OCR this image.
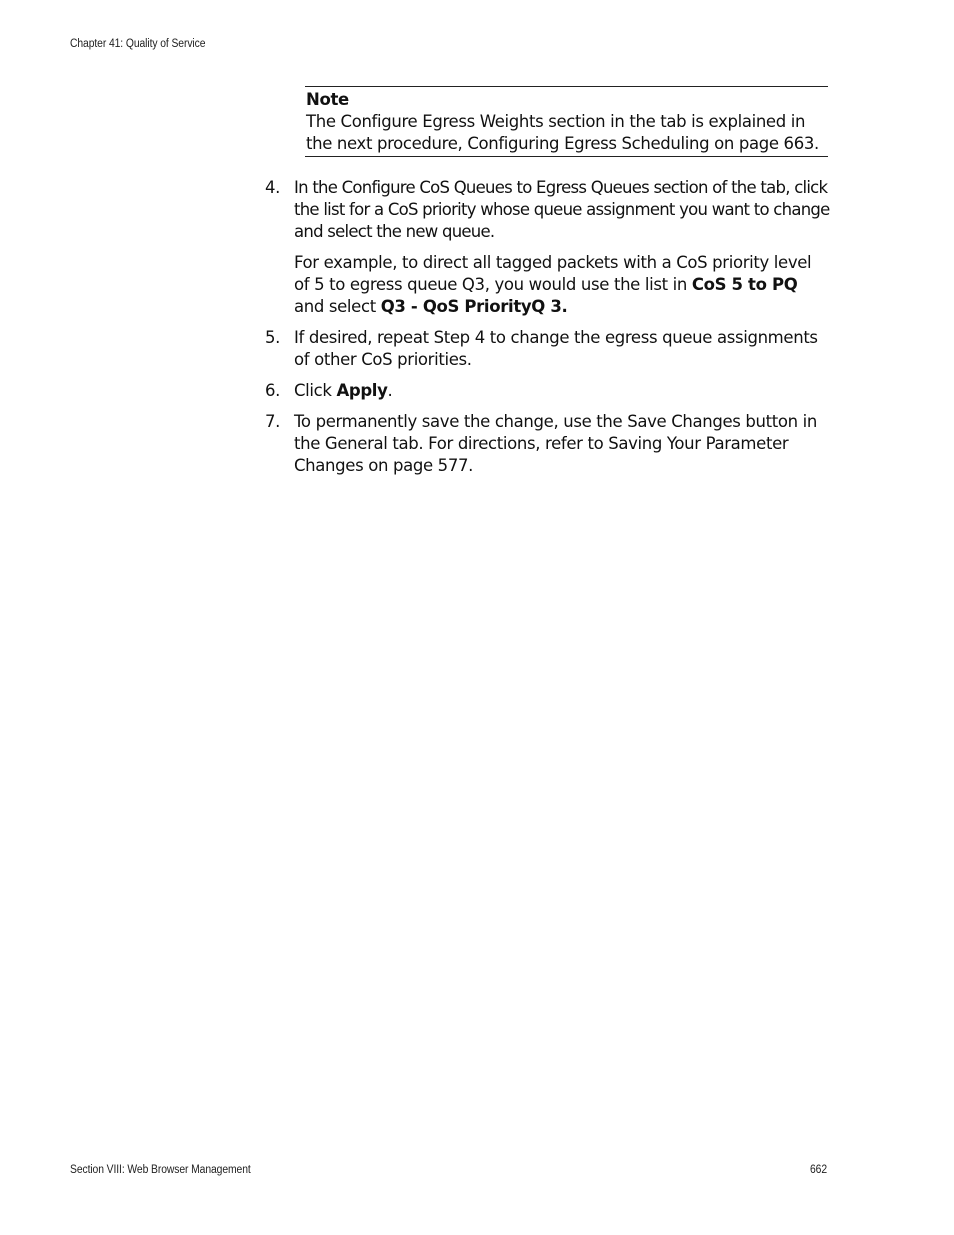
Chapter 41: Quality of Service
Note
The Configure Egress Weights section in the tab is explained in the next procedure, Configuring Egress Scheduling on page 663.
4. In the Configure CoS Queues to Egress Queues section of the tab, click the list for a CoS priority whose queue assignment you want to change and select the new queue.

For example, to direct all tagged packets with a CoS priority level of 5 to egress queue Q3, you would use the list in CoS 5 to PQ and select Q3 - QoS PriorityQ 3.

5. If desired, repeat Step 4 to change the egress queue assignments of other CoS priorities.

6. Click Apply.

7. To permanently save the change, use the Save Changes button in the General tab. For directions, refer to Saving Your Parameter Changes on page 577.

Section VIII: Web Browser Management	662
